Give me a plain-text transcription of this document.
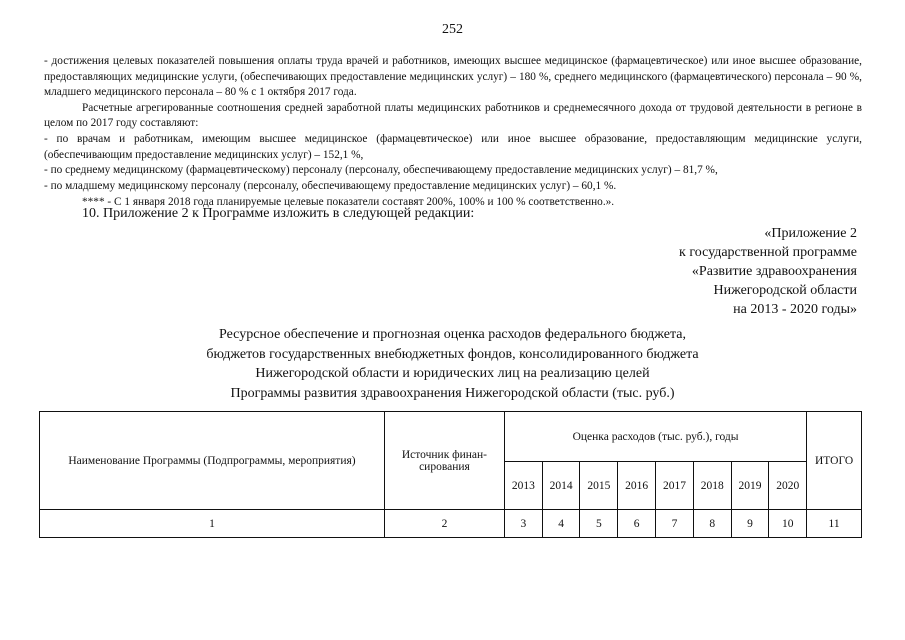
252

- достижения целевых показателей повышения оплаты труда врачей и работников, имеющих высшее медицинское (фармацевтическое) или иное высшее образование, предоставляющих медицинские услуги, (обеспечивающих предоставление медицинских услуг) – 180 %, среднего медицинского (фармацевтического) персонала – 90 %, младшего медицинского персонала – 80 % с 1 октября 2017 года.

Расчетные агрегированные соотношения средней заработной платы медицинских работников и среднемесячного дохода от трудовой деятельности в регионе в целом по 2017 году составляют:

- по врачам и работникам, имеющим высшее медицинское (фармацевтическое) или иное высшее образование, предоставляющим медицинские услуги, (обеспечивающим предоставление медицинских услуг) – 152,1 %,

- по среднему медицинскому (фармацевтическому) персоналу (персоналу, обеспечивающему предоставление медицинских услуг) – 81,7 %,

- по младшему медицинскому персоналу (персоналу, обеспечивающему предоставление медицинских услуг) – 60,1 %.

**** - С 1 января 2018 года планируемые целевые показатели составят 200%, 100% и 100 % соответственно.».

10. Приложение 2 к Программе изложить в следующей редакции:
«Приложение 2
к государственной программе
«Развитие здравоохранения
Нижегородской области
на 2013 - 2020 годы»
Ресурсное обеспечение и прогнозная оценка расходов федерального бюджета,
бюджетов государственных внебюджетных фондов, консолидированного бюджета
Нижегородской области и юридических лиц на реализацию целей
Программы развития здравоохранения Нижегородской области (тыс. руб.)
Наименование Программы (Подпрограммы, мероприятия)	Источник финан-
сирования	Оценка расходов (тыс. руб.), годы								ИТОГО
		2013	2014	2015	2016	2017	2018	2019	2020	
1	2	3	4	5	6	7	8	9	10	11
